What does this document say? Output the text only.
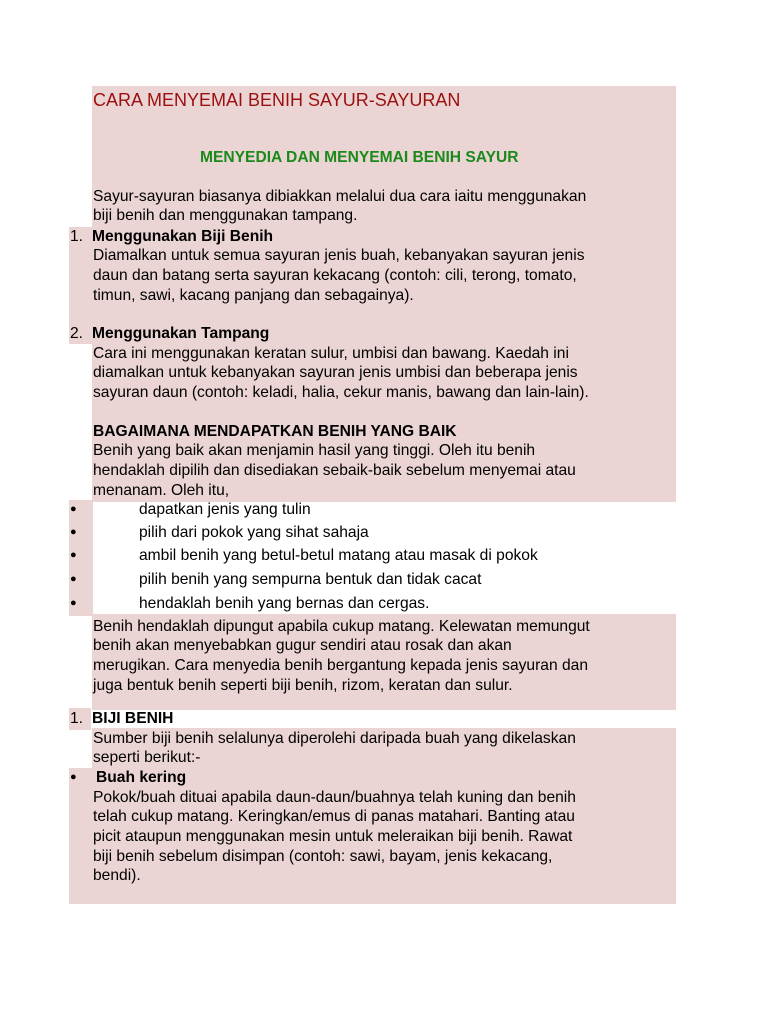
CARA MENYEMAI BENIH SAYUR-SAYURAN

MENYEDIA DAN MENYEMAI BENIH SAYUR

Sayur-sayuran biasanya dibiakkan melalui dua cara iaitu menggunakan

biji benih dan menggunakan tampang.

1. Menggunakan Biji Benih

Diamalkan untuk semua sayuran jenis buah, kebanyakan sayuran jenis

daun dan batang serta sayuran kekacang (contoh: cili, terong, tomato,

timun, sawi, kacang panjang dan sebagainya).

2. Menggunakan Tampang

Cara ini menggunakan keratan sulur, umbisi dan bawang. Kaedah ini

diamalkan untuk kebanyakan sayuran jenis umbisi dan beberapa jenis

sayuran daun (contoh: keladi, halia, cekur manis, bawang dan lain-lain).

BAGAIMANA MENDAPATKAN BENIH YANG BAIK

Benih yang baik akan menjamin hasil yang tinggi. Oleh itu benih

hendaklah dipilih dan disediakan sebaik-baik sebelum menyemai atau

menanam. Oleh itu,

●	dapatkan jenis yang tulin

●	pilih dari pokok yang sihat sahaja

●	ambil benih yang betul-betul matang atau masak di pokok

●	pilih benih yang sempurna bentuk dan tidak cacat

●	hendaklah benih yang bernas dan cergas.

Benih hendaklah dipungut apabila cukup matang. Kelewatan memungut

benih akan menyebabkan gugur sendiri atau rosak dan akan

merugikan. Cara menyedia benih bergantung kepada jenis sayuran dan

juga bentuk benih seperti biji benih, rizom, keratan dan sulur.

1. BIJI BENIH

Sumber biji benih selalunya diperolehi daripada buah yang dikelaskan

seperti berikut:-

● Buah kering

Pokok/buah dituai apabila daun-daun/buahnya telah kuning dan benih

telah cukup matang. Keringkan/emus di panas matahari. Banting atau

picit ataupun menggunakan mesin untuk meleraikan biji benih. Rawat

biji benih sebelum disimpan (contoh: sawi, bayam, jenis kekacang,

bendi).
